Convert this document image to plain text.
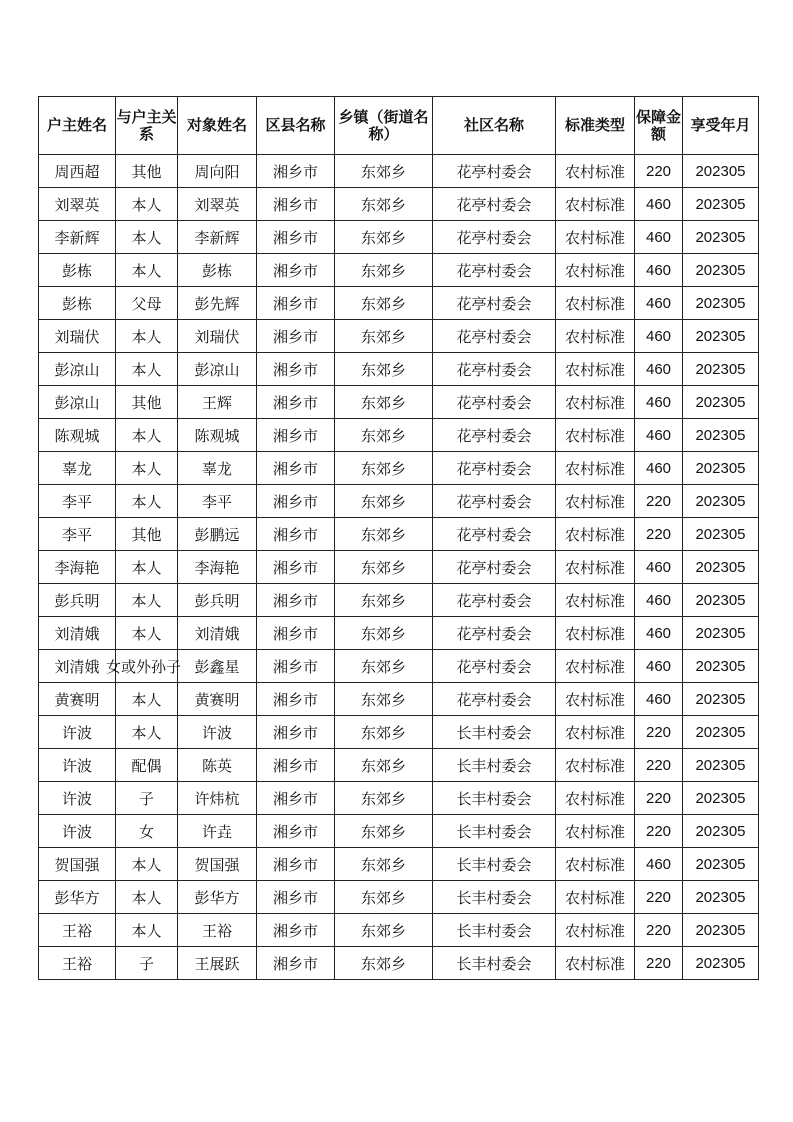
户主姓名	与户主关系	对象姓名	区县名称	乡镇（街道名称）	社区名称	标准类型	保障金额	享受年月
周西超	其他	周向阳	湘乡市	东郊乡	花亭村委会	农村标准	220	202305
刘翠英	本人	刘翠英	湘乡市	东郊乡	花亭村委会	农村标准	460	202305
李新辉	本人	李新辉	湘乡市	东郊乡	花亭村委会	农村标准	460	202305
彭栋	本人	彭栋	湘乡市	东郊乡	花亭村委会	农村标准	460	202305
彭栋	父母	彭先辉	湘乡市	东郊乡	花亭村委会	农村标准	460	202305
刘瑞伏	本人	刘瑞伏	湘乡市	东郊乡	花亭村委会	农村标准	460	202305
彭凉山	本人	彭凉山	湘乡市	东郊乡	花亭村委会	农村标准	460	202305
彭凉山	其他	王辉	湘乡市	东郊乡	花亭村委会	农村标准	460	202305
陈观城	本人	陈观城	湘乡市	东郊乡	花亭村委会	农村标准	460	202305
辜龙	本人	辜龙	湘乡市	东郊乡	花亭村委会	农村标准	460	202305
李平	本人	李平	湘乡市	东郊乡	花亭村委会	农村标准	220	202305
李平	其他	彭鹏远	湘乡市	东郊乡	花亭村委会	农村标准	220	202305
李海艳	本人	李海艳	湘乡市	东郊乡	花亭村委会	农村标准	460	202305
彭兵明	本人	彭兵明	湘乡市	东郊乡	花亭村委会	农村标准	460	202305
刘清娥	本人	刘清娥	湘乡市	东郊乡	花亭村委会	农村标准	460	202305
刘清娥	女或外孙子	彭鑫星	湘乡市	东郊乡	花亭村委会	农村标准	460	202305
黄赛明	本人	黄赛明	湘乡市	东郊乡	花亭村委会	农村标准	460	202305
许波	本人	许波	湘乡市	东郊乡	长丰村委会	农村标准	220	202305
许波	配偶	陈英	湘乡市	东郊乡	长丰村委会	农村标准	220	202305
许波	子	许炜杭	湘乡市	东郊乡	长丰村委会	农村标准	220	202305
许波	女	许垚	湘乡市	东郊乡	长丰村委会	农村标准	220	202305
贺国强	本人	贺国强	湘乡市	东郊乡	长丰村委会	农村标准	460	202305
彭华方	本人	彭华方	湘乡市	东郊乡	长丰村委会	农村标准	220	202305
王裕	本人	王裕	湘乡市	东郊乡	长丰村委会	农村标准	220	202305
王裕	子	王展跃	湘乡市	东郊乡	长丰村委会	农村标准	220	202305
